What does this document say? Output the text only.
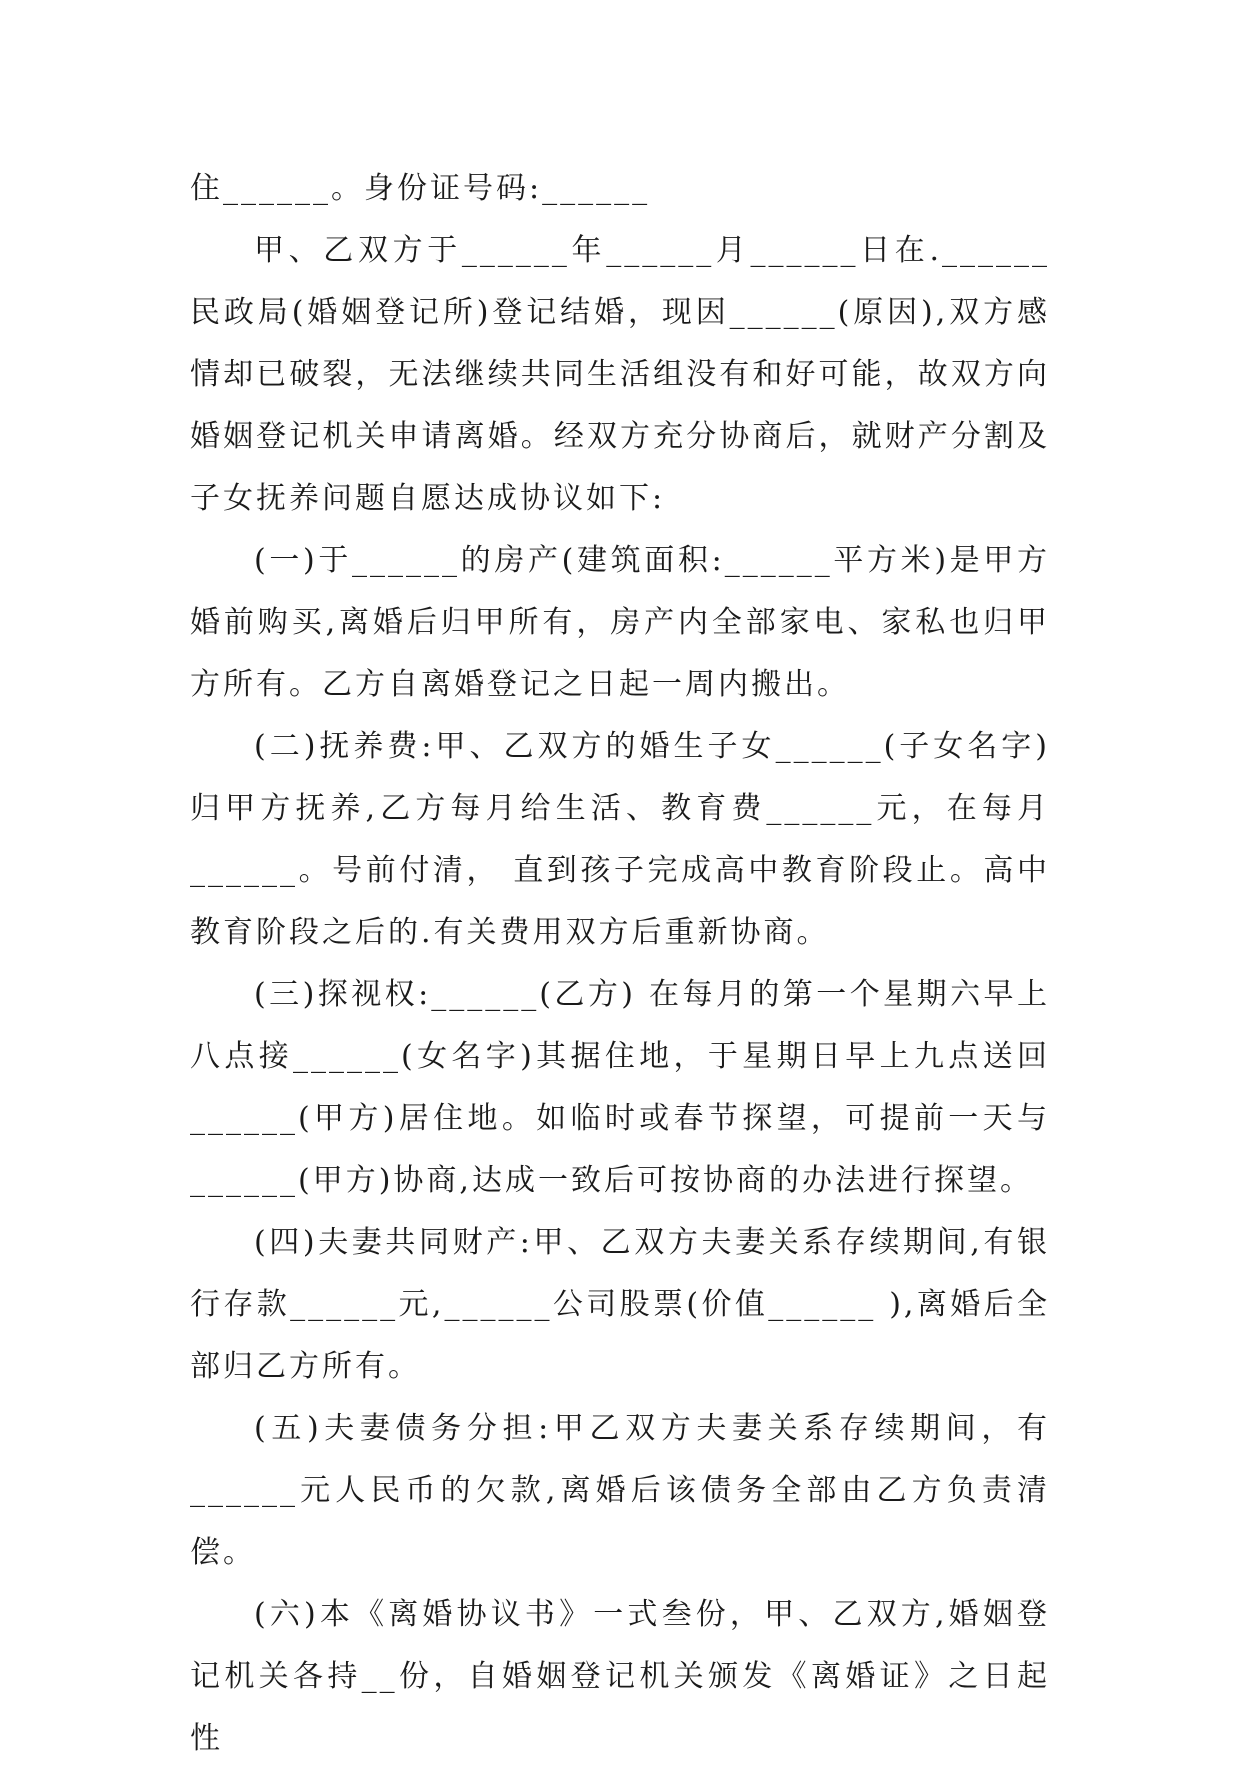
住______。身份证号码:______

甲、乙双方于______年______月______日在.______民政局(婚姻登记所)登记结婚，现因______(原因),双方感情却已破裂，无法继续共同生活组没有和好可能，故双方向婚姻登记机关申请离婚。经双方充分协商后，就财产分割及子女抚养问题自愿达成协议如下:

(一)于______的房产(建筑面积:______平方米)是甲方婚前购买,离婚后归甲所有，房产内全部家电、家私也归甲方所有。乙方自离婚登记之日起一周内搬出。

(二)抚养费:甲、乙双方的婚生子女______(子女名字)归甲方抚养,乙方每月给生活、教育费______元，在每月______。号前付清， 直到孩子完成高中教育阶段止。高中教育阶段之后的.有关费用双方后重新协商。

(三)探视权:______(乙方) 在每月的第一个星期六早上八点接______(女名字)其据住地，于星期日早上九点送回______(甲方)居住地。如临时或春节探望，可提前一天与______(甲方)协商,达成一致后可按协商的办法进行探望。

(四)夫妻共同财产:甲、乙双方夫妻关系存续期间,有银行存款______元,______公司股票(价值______ ),离婚后全部归乙方所有。

(五)夫妻债务分担:甲乙双方夫妻关系存续期间，有______元人民币的欠款,离婚后该债务全部由乙方负责清偿。

(六)本《离婚协议书》一式叁份，甲、乙双方,婚姻登记机关各持__份，自婚姻登记机关颁发《离婚证》之日起性
